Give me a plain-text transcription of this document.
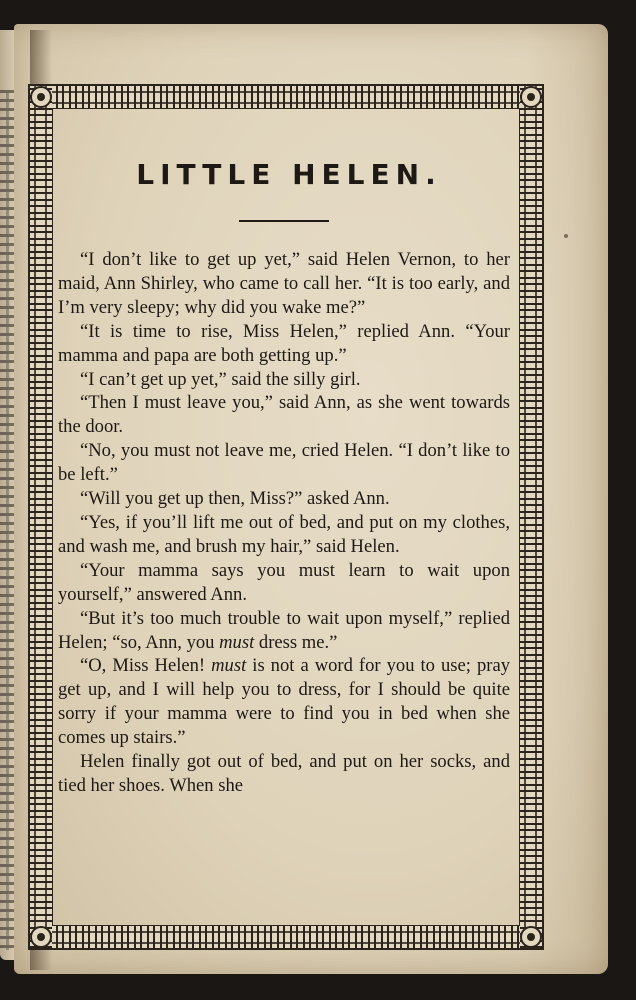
LITTLE HELEN.

“I don’t like to get up yet,” said Helen Vernon, to her maid, Ann Shirley, who came to call her. “It is too early, and I’m very sleepy; why did you wake me?”

“It is time to rise, Miss Helen,” replied Ann. “Your mamma and papa are both getting up.”

“I can’t get up yet,” said the silly girl.

“Then I must leave you,” said Ann, as she went towards the door.

“No, you must not leave me, cried Helen. “I don’t like to be left.”

“Will you get up then, Miss?” asked Ann.

“Yes, if you’ll lift me out of bed, and put on my clothes, and wash me, and brush my hair,” said Helen.

“Your mamma says you must learn to wait upon yourself,” answered Ann.

“But it’s too much trouble to wait upon myself,” replied Helen; “so, Ann, you must dress me.”

“O, Miss Helen! must is not a word for you to use; pray get up, and I will help you to dress, for I should be quite sorry if your mamma were to find you in bed when she comes up stairs.”

Helen finally got out of bed, and put on her socks, and tied her shoes. When she
